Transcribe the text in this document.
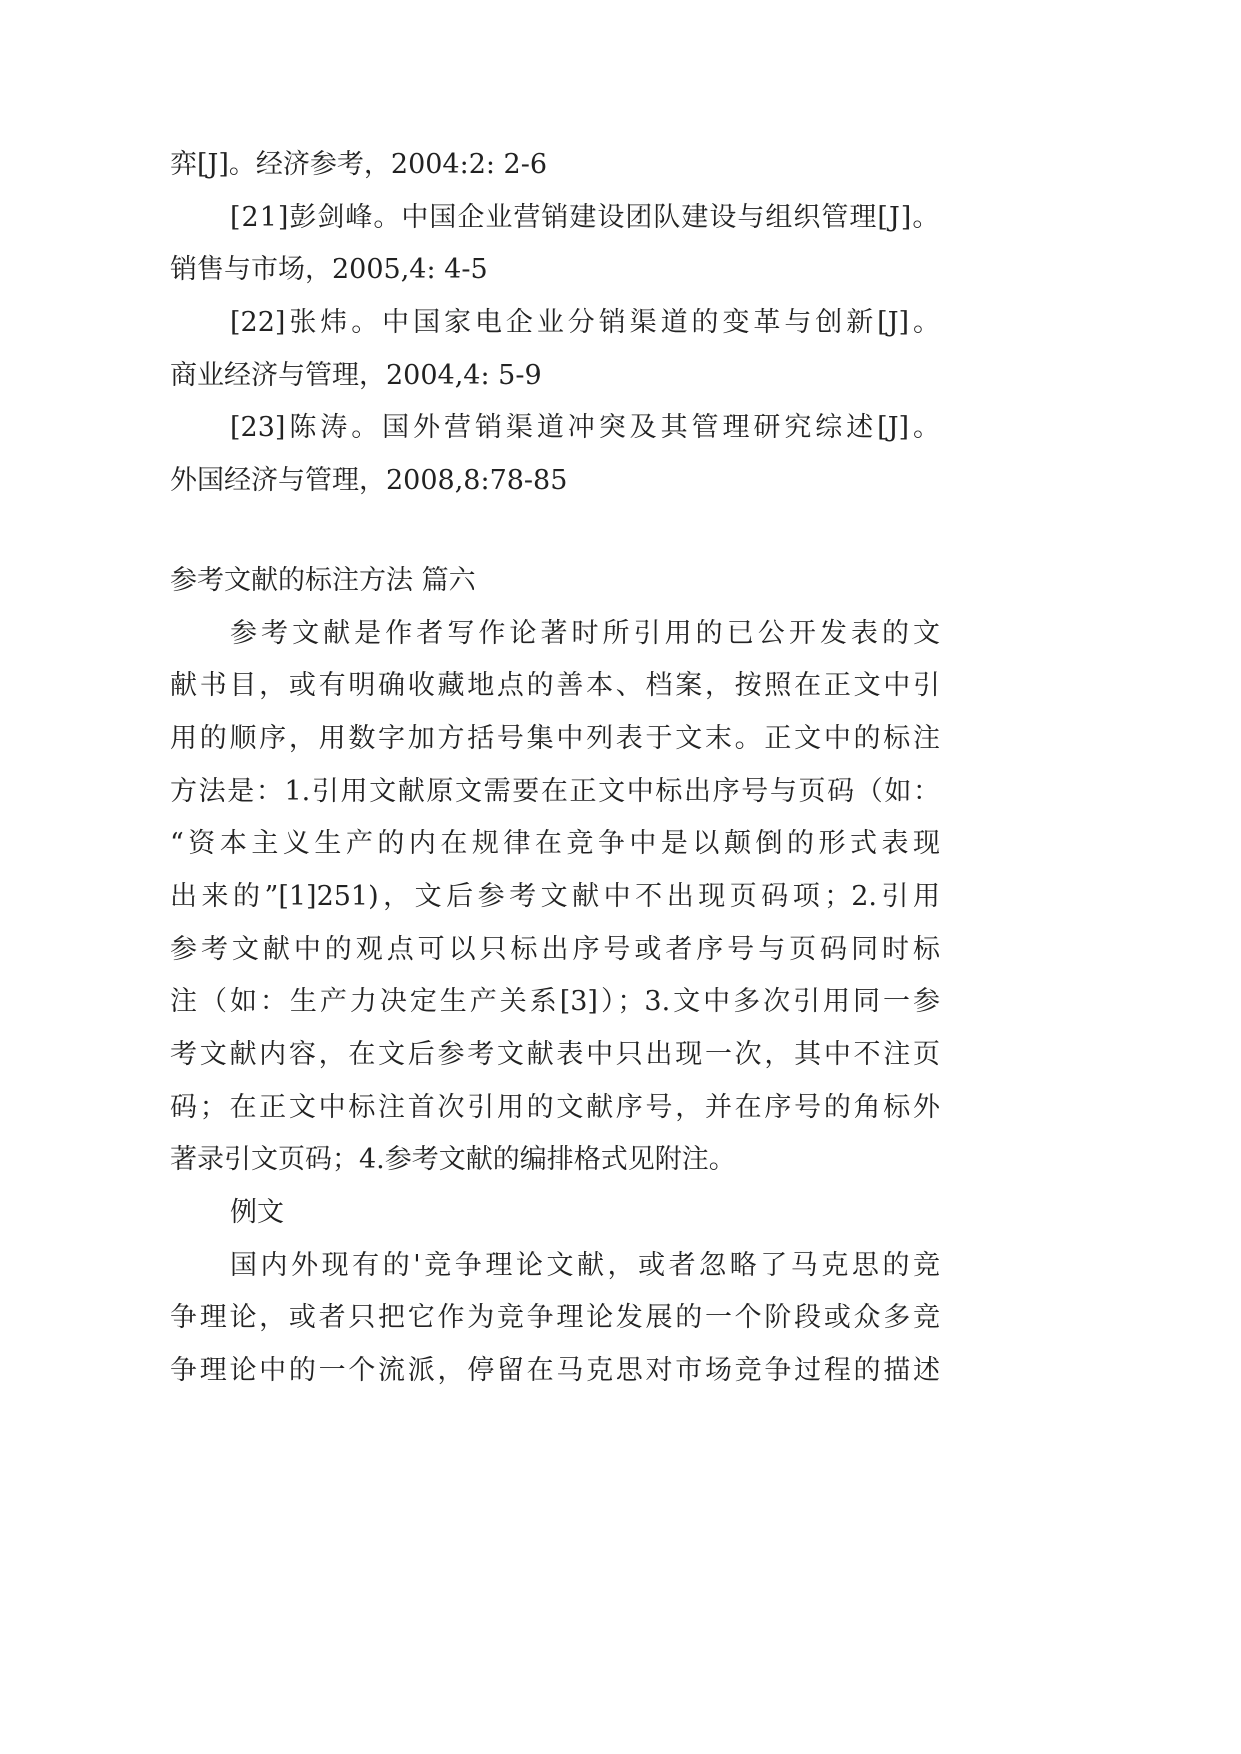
弈[J]。经济参考，2004:2: 2-6
[21]彭剑峰。中国企业营销建设团队建设与组织管理[J]。
销售与市场，2005,4: 4-5
[22]张炜。中国家电企业分销渠道的变革与创新[J]。
商业经济与管理，2004,4: 5-9
[23]陈涛。国外营销渠道冲突及其管理研究综述[J]。
外国经济与管理，2008,8:78-85
参考文献的标注方法 篇六
参考文献是作者写作论著时所引用的已公开发表的文
献书目，或有明确收藏地点的善本、档案，按照在正文中引
用的顺序，用数字加方括号集中列表于文末。正文中的标注
方法是：1.引用文献原文需要在正文中标出序号与页码（如：
“资本主义生产的内在规律在竞争中是以颠倒的形式表现
出来的”[1]251)，文后参考文献中不出现页码项；2.引用
参考文献中的观点可以只标出序号或者序号与页码同时标
注（如：生产力决定生产关系[3]）；3.文中多次引用同一参
考文献内容，在文后参考文献表中只出现一次，其中不注页
码；在正文中标注首次引用的文献序号，并在序号的角标外
著录引文页码；4.参考文献的编排格式见附注。
例文
国内外现有的'竞争理论文献，或者忽略了马克思的竞
争理论，或者只把它作为竞争理论发展的一个阶段或众多竞
争理论中的一个流派，停留在马克思对市场竞争过程的描述
